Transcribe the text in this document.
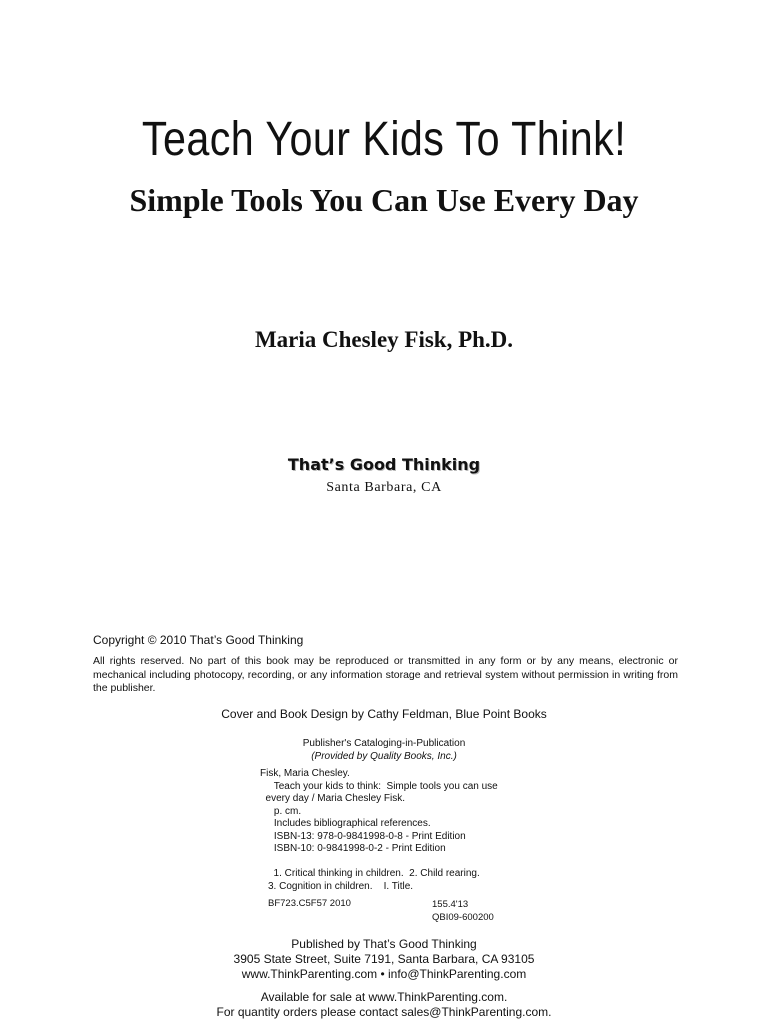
Teach Your Kids To Think!
Simple Tools You Can Use Every Day
Maria Chesley Fisk, Ph.D.
That’s Good Thinking
Santa Barbara, CA
Copyright © 2010 That’s Good Thinking
All rights reserved. No part of this book may be reproduced or transmitted in any form or by any means, electronic or mechanical including photocopy, recording, or any information storage and retrieval system without permission in writing from the publisher.
Cover and Book Design by Cathy Feldman, Blue Point Books
Publisher's Cataloging-in-Publication
(Provided by Quality Books, Inc.)
Fisk, Maria Chesley.
Teach your kids to think:  Simple tools you can use
every day / Maria Chesley Fisk.
p. cm.
Includes bibliographical references.
ISBN-13: 978-0-9841998-0-8 - Print Edition
ISBN-10: 0-9841998-0-2 - Print Edition
1. Critical thinking in children.  2. Child rearing.
3. Cognition in children.    I. Title.
BF723.C5F57 2010	155.4'13
QBI09-600200
Published by That’s Good Thinking
3905 State Street, Suite 7191, Santa Barbara, CA 93105
www.ThinkParenting.com • info@ThinkParenting.com
Available for sale at www.ThinkParenting.com.
For quantity orders please contact sales@ThinkParenting.com.
